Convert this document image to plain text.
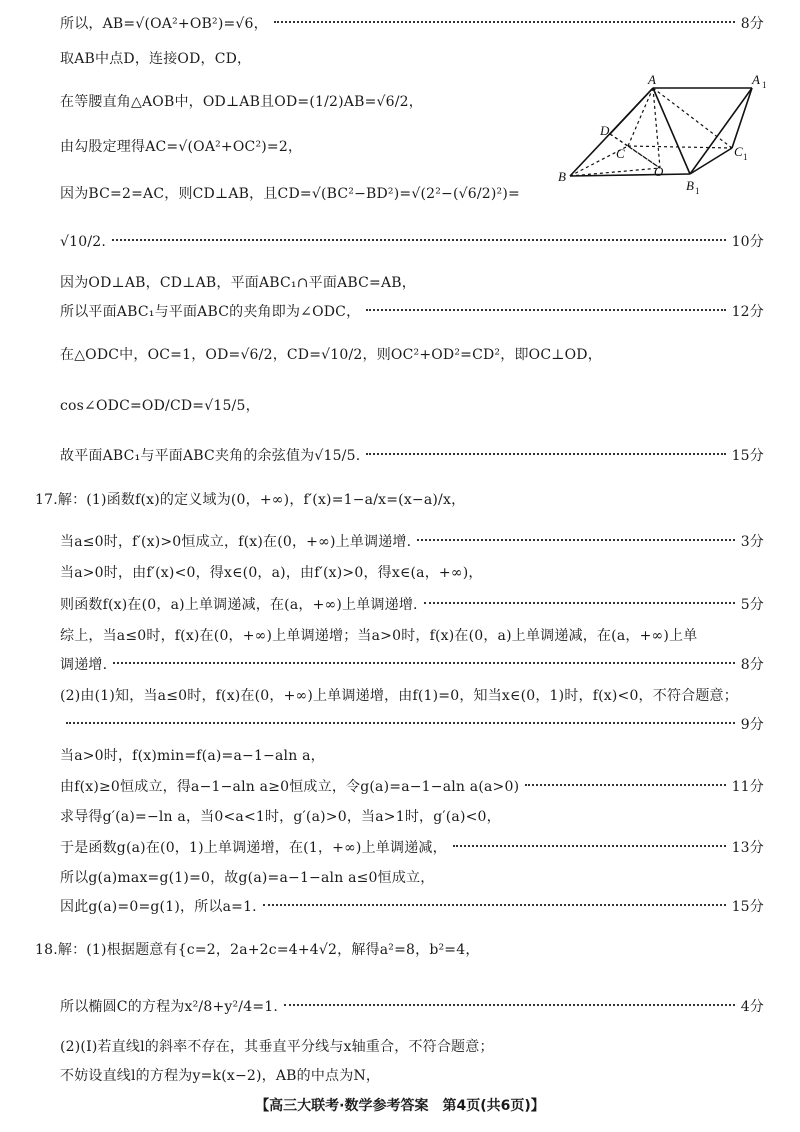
所以，AB=√(OA²+OB²)=√6，	8分
取AB中点D，连接OD，CD，
在等腰直角△AOB中，OD⊥AB且OD=(1/2)AB=√6/2，
由勾股定理得AC=√(OA²+OC²)=2，
因为BC=2=AC，则CD⊥AB，且CD=√(BC²−BD²)=√(2²−(√6/2)²)=
√10/2.	10分
因为OD⊥AB，CD⊥AB，平面ABC₁∩平面ABC=AB，
所以平面ABC₁与平面ABC的夹角即为∠ODC，	12分
在△ODC中，OC=1，OD=√6/2，CD=√10/2，则OC²+OD²=CD²，即OC⊥OD，
cos∠ODC=OD/CD=√15/5，
故平面ABC₁与平面ABC夹角的余弦值为√15/5.	15分
17.解：(1)函数f(x)的定义域为(0，+∞)，f′(x)=1−a/x=(x−a)/x，
当a≤0时，f′(x)>0恒成立，f(x)在(0，+∞)上单调递增.	3分
当a>0时，由f′(x)<0，得x∈(0，a)，由f′(x)>0，得x∈(a，+∞)，
则函数f(x)在(0，a)上单调递减，在(a，+∞)上单调递增.	5分
综上，当a≤0时，f(x)在(0，+∞)上单调递增；当a>0时，f(x)在(0，a)上单调递减，在(a，+∞)上单
调递增.	8分
(2)由(1)知，当a≤0时，f(x)在(0，+∞)上单调递增，由f(1)=0，知当x∈(0，1)时，f(x)<0，不符合题意；
9分
当a>0时，f(x)min=f(a)=a−1−aln a，
由f(x)≥0恒成立，得a−1−aln a≥0恒成立，令g(a)=a−1−aln a(a>0)	11分
求导得g′(a)=−ln a，当0<a<1时，g′(a)>0，当a>1时，g′(a)<0，
于是函数g(a)在(0，1)上单调递增，在(1，+∞)上单调递减，	13分
所以g(a)max=g(1)=0，故g(a)=a−1−aln a≤0恒成立，
因此g(a)=0=g(1)，所以a=1.	15分
18.解：(1)根据题意有{c=2，2a+2c=4+4√2，解得a²=8，b²=4，
所以椭圆C的方程为x²/8+y²/4=1.	4分
(2)(Ⅰ)若直线l的斜率不存在，其垂直平分线与x轴重合，不符合题意；
不妨设直线l的方程为y=k(x−2)，AB的中点为N，
A	A 1
B
B 1
C	C 1
D
O
【高三大联考·数学参考答案　第4页(共6页)】
